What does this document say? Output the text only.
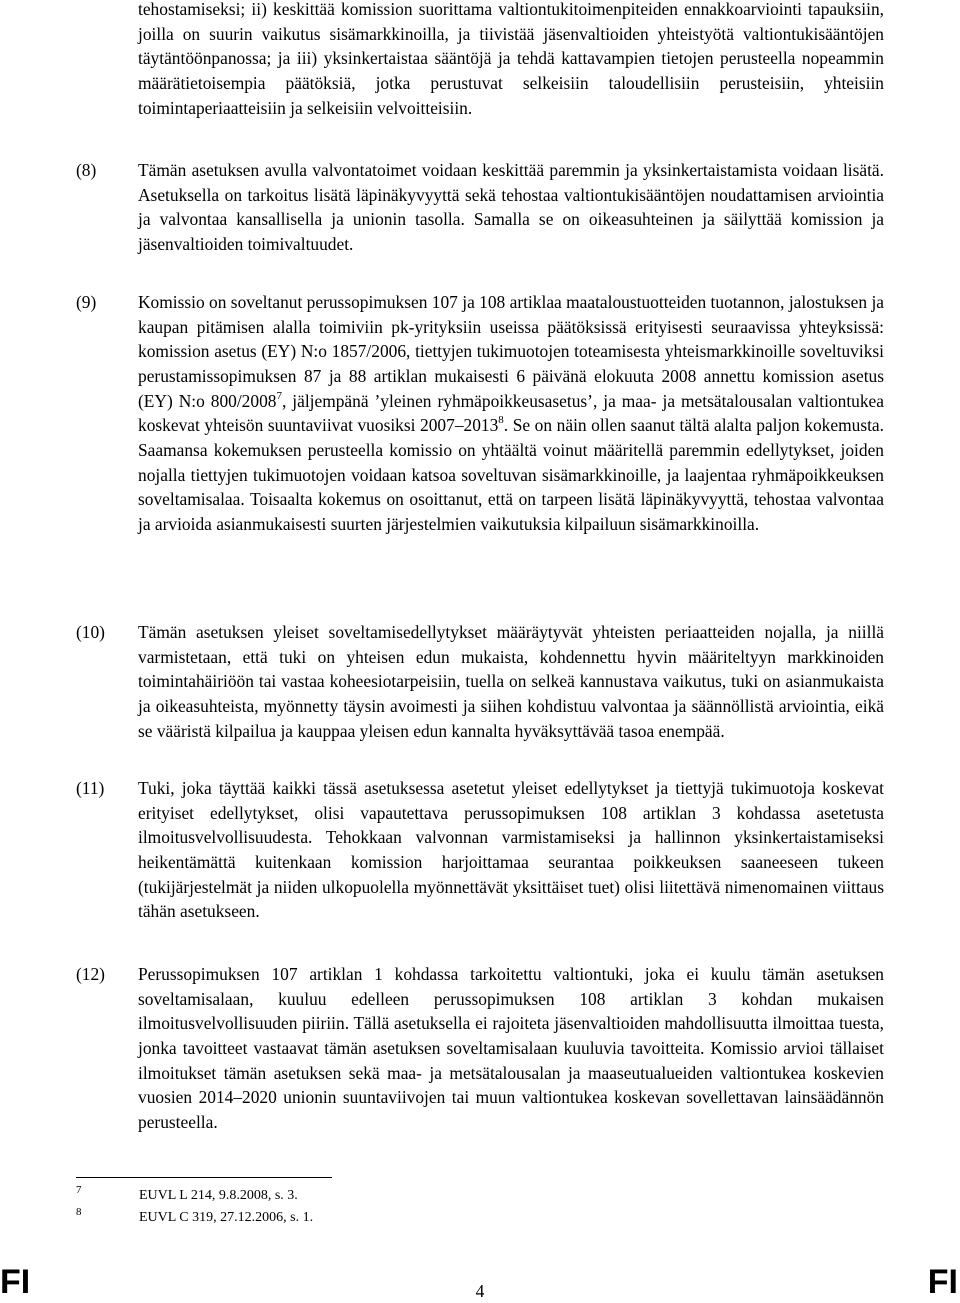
tehostamiseksi; ii) keskittää komission suorittama valtiontukitoimenpiteiden ennakkoarviointi tapauksiin, joilla on suurin vaikutus sisämarkkinoilla, ja tiivistää jäsenvaltioiden yhteistyötä valtiontukisääntöjen täytäntöönpanossa; ja iii) yksinkertaistaa sääntöjä ja tehdä kattavampien tietojen perusteella nopeammin määrätietoisempia päätöksiä, jotka perustuvat selkeisiin taloudellisiin perusteisiin, yhteisiin toimintaperiaatteisiin ja selkeisiin velvoitteisiin.

(8) Tämän asetuksen avulla valvontatoimet voidaan keskittää paremmin ja yksinkertaistamista voidaan lisätä. Asetuksella on tarkoitus lisätä läpinäkyvyyttä sekä tehostaa valtiontukisääntöjen noudattamisen arviointia ja valvontaa kansallisella ja unionin tasolla. Samalla se on oikeasuhteinen ja säilyttää komission ja jäsenvaltioiden toimivaltuudet.

(9) Komissio on soveltanut perussopimuksen 107 ja 108 artiklaa maataloustuotteiden tuotannon, jalostuksen ja kaupan pitämisen alalla toimiviin pk-yrityksiin useissa päätöksissä erityisesti seuraavissa yhteyksissä: komission asetus (EY) N:o 1857/2006, tiettyjen tukimuotojen toteamisesta yhteismarkkinoille soveltuviksi perustamissopimuksen 87 ja 88 artiklan mukaisesti 6 päivänä elokuuta 2008 annettu komission asetus (EY) N:o 800/2008$^7$, jäljempänä ’yleinen ryhmäpoikkeusasetus’, ja maa- ja metsätalousalan valtiontukea koskevat yhteisön suuntaviivat vuosiksi 2007–2013$^8$. Se on näin ollen saanut tältä alalta paljon kokemusta. Saamansa kokemuksen perusteella komissio on yhtäältä voinut määritellä paremmin edellytykset, joiden nojalla tiettyjen tukimuotojen voidaan katsoa soveltuvan sisämarkkinoille, ja laajentaa ryhmäpoikkeuksen soveltamisalaa. Toisaalta kokemus on osoittanut, että on tarpeen lisätä läpinäkyvyyttä, tehostaa valvontaa ja arvioida asianmukaisesti suurten järjestelmien vaikutuksia kilpailuun sisämarkkinoilla.

(10) Tämän asetuksen yleiset soveltamisedellytykset määräytyvät yhteisten periaatteiden nojalla, ja niillä varmistetaan, että tuki on yhteisen edun mukaista, kohdennettu hyvin määriteltyyn markkinoiden toimintahäiriöön tai vastaa koheesiotarpeisiin, tuella on selkeä kannustava vaikutus, tuki on asianmukaista ja oikeasuhteista, myönnetty täysin avoimesti ja siihen kohdistuu valvontaa ja säännöllistä arviointia, eikä se vääristä kilpailua ja kauppaa yleisen edun kannalta hyväksyttävää tasoa enempää.

(11) Tuki, joka täyttää kaikki tässä asetuksessa asetetut yleiset edellytykset ja tiettyjä tukimuotoja koskevat erityiset edellytykset, olisi vapautettava perussopimuksen 108 artiklan 3 kohdassa asetetusta ilmoitusvelvollisuudesta. Tehokkaan valvonnan varmistamiseksi ja hallinnon yksinkertaistamiseksi heikentämättä kuitenkaan komission harjoittamaa seurantaa poikkeuksen saaneeseen tukeen (tukijärjestelmät ja niiden ulkopuolella myönnettävät yksittäiset tuet) olisi liitettävä nimenomainen viittaus tähän asetukseen.

(12) Perussopimuksen 107 artiklan 1 kohdassa tarkoitettu valtiontuki, joka ei kuulu tämän asetuksen soveltamisalaan, kuuluu edelleen perussopimuksen 108 artiklan 3 kohdan mukaisen ilmoitusvelvollisuuden piiriin. Tällä asetuksella ei rajoiteta jäsenvaltioiden mahdollisuutta ilmoittaa tuesta, jonka tavoitteet vastaavat tämän asetuksen soveltamisalaan kuuluvia tavoitteita. Komissio arvioi tällaiset ilmoitukset tämän asetuksen sekä maa- ja metsätalousalan ja maaseutualueiden valtiontukea koskevien vuosien 2014–2020 unionin suuntaviivojen tai muun valtiontukea koskevan sovellettavan lainsäädännön perusteella.

7	EUVL L 214, 9.8.2008, s. 3.
8	EUVL C 319, 27.12.2006, s. 1.
FI	4	FI
